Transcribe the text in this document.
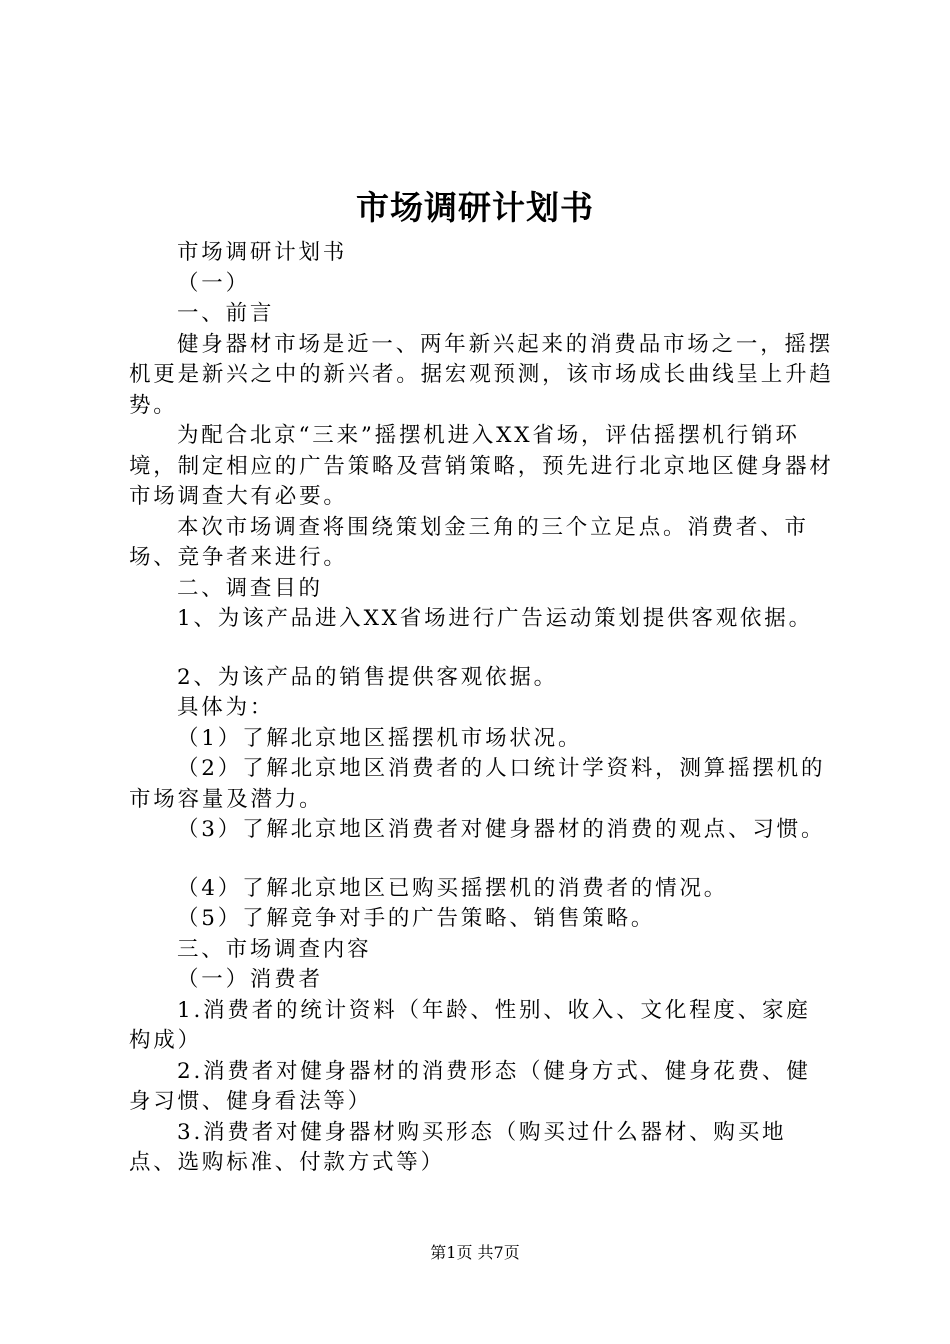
市场调研计划书

市场调研计划书

（一）

一、前言

健身器材市场是近一、两年新兴起来的消费品市场之一，摇摆机更是新兴之中的新兴者。据宏观预测，该市场成长曲线呈上升趋势。

为配合北京“三来”摇摆机进入XX省场，评估摇摆机行销环境，制定相应的广告策略及营销策略，预先进行北京地区健身器材市场调查大有必要。

本次市场调查将围绕策划金三角的三个立足点。消费者、市场、竞争者来进行。

二、调查目的

1、为该产品进入XX省场进行广告运动策划提供客观依据。

2、为该产品的销售提供客观依据。

具体为：

（1）了解北京地区摇摆机市场状况。

（2）了解北京地区消费者的人口统计学资料，测算摇摆机的市场容量及潜力。

（3）了解北京地区消费者对健身器材的消费的观点、习惯。

（4）了解北京地区已购买摇摆机的消费者的情况。

（5）了解竞争对手的广告策略、销售策略。

三、市场调查内容

（一）消费者

1.消费者的统计资料（年龄、性别、收入、文化程度、家庭构成）

2.消费者对健身器材的消费形态（健身方式、健身花费、健身习惯、健身看法等）

3.消费者对健身器材购买形态（购买过什么器材、购买地点、选购标准、付款方式等）

第1页 共7页
